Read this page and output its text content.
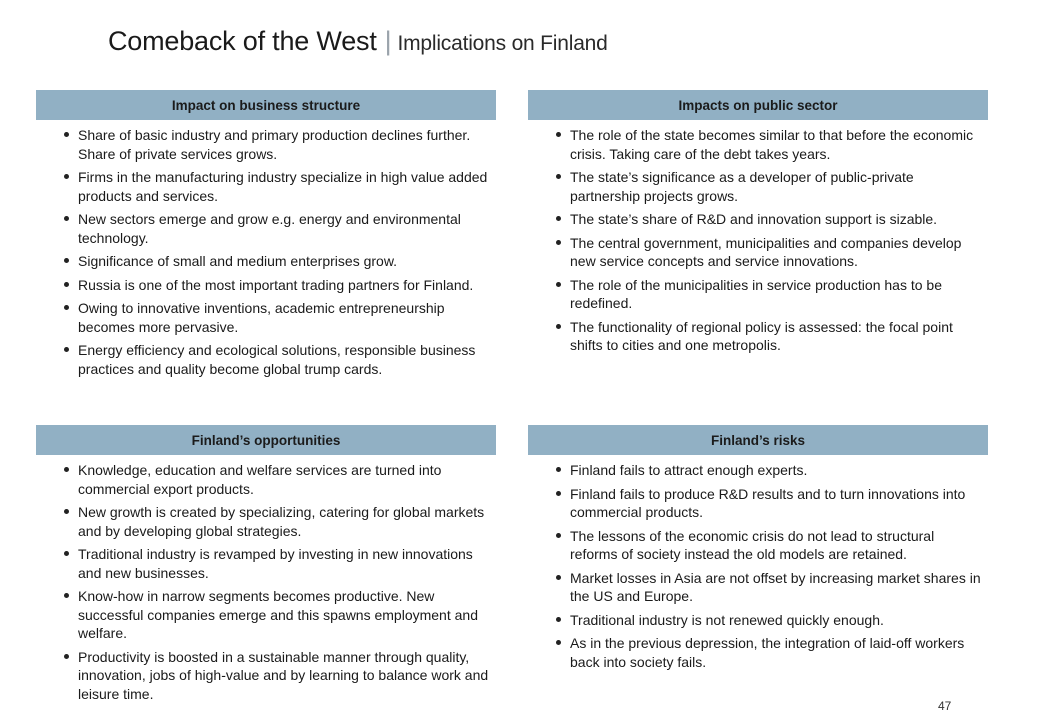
Comeback of the West | Implications on Finland
Impact on business structure
Share of basic industry and primary production declines further. Share of private services grows.
Firms in the manufacturing industry specialize in high value added products and services.
New sectors emerge and grow e.g. energy and environmental technology.
Significance of small and medium enterprises grow.
Russia is one of the most important trading partners for Finland.
Owing to innovative inventions, academic entrepreneurship becomes more pervasive.
Energy efficiency and ecological solutions, responsible business practices and quality become global trump cards.
Impacts on public sector
The role of the state becomes similar to that before the economic crisis. Taking care of the debt takes years.
The state’s significance as a developer of public-private partnership projects grows.
The state’s share of R&D and innovation support is sizable.
The central government, municipalities and companies develop new service concepts and service innovations.
The role of the municipalities in service production has to be redefined.
The functionality of regional policy is assessed: the focal point shifts to cities and one metropolis.
Finland’s opportunities
Knowledge, education and welfare services are turned into commercial export products.
New growth is created by specializing, catering for global markets and by developing global strategies.
Traditional industry is revamped by investing in new innovations and new businesses.
Know-how in narrow segments becomes productive. New successful companies emerge and this spawns employment and welfare.
Productivity is boosted in a sustainable manner through quality, innovation, jobs of high-value and by learning to balance work and leisure time.
Finland’s risks
Finland fails to attract enough experts.
Finland fails to produce R&D results and to turn innovations into commercial products.
The lessons of the economic crisis do not lead to structural reforms of society instead the old models are retained.
Market losses in Asia are not offset by increasing market shares in the US and Europe.
Traditional industry is not renewed quickly enough.
As in the previous depression, the integration of laid-off workers back into society fails.
47
